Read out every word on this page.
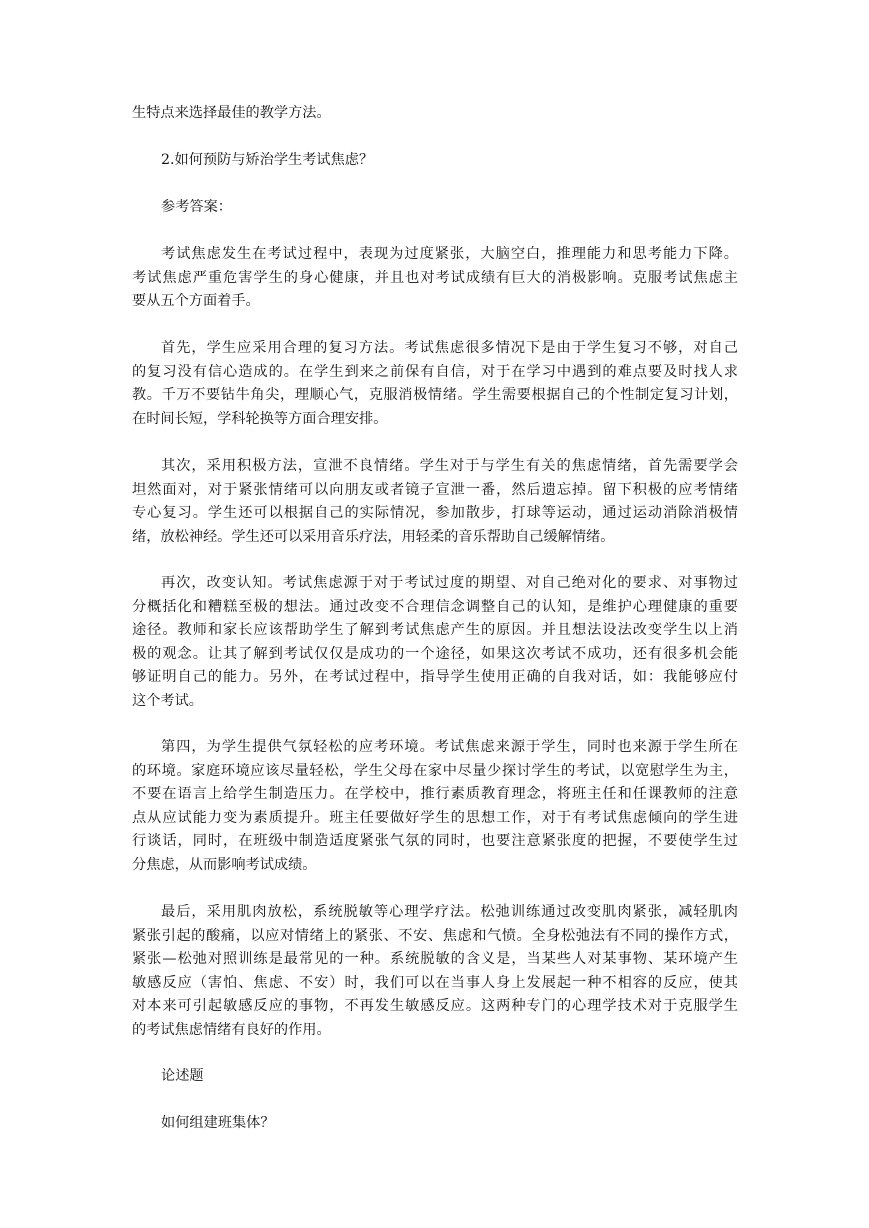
生特点来选择最佳的教学方法。

2.如何预防与矫治学生考试焦虑？

参考答案：

考试焦虑发生在考试过程中，表现为过度紧张，大脑空白，推理能力和思考能力下降。
考试焦虑严重危害学生的身心健康，并且也对考试成绩有巨大的消极影响。克服考试焦虑主
要从五个方面着手。

首先，学生应采用合理的复习方法。考试焦虑很多情况下是由于学生复习不够，对自己
的复习没有信心造成的。在学生到来之前保有自信，对于在学习中遇到的难点要及时找人求
教。千万不要钻牛角尖，理顺心气，克服消极情绪。学生需要根据自己的个性制定复习计划，
在时间长短，学科轮换等方面合理安排。

其次，采用积极方法，宣泄不良情绪。学生对于与学生有关的焦虑情绪，首先需要学会
坦然面对，对于紧张情绪可以向朋友或者镜子宣泄一番，然后遗忘掉。留下积极的应考情绪
专心复习。学生还可以根据自己的实际情况，参加散步，打球等运动，通过运动消除消极情
绪，放松神经。学生还可以采用音乐疗法，用轻柔的音乐帮助自己缓解情绪。

再次，改变认知。考试焦虑源于对于考试过度的期望、对自己绝对化的要求、对事物过
分概括化和糟糕至极的想法。通过改变不合理信念调整自己的认知，是维护心理健康的重要
途径。教师和家长应该帮助学生了解到考试焦虑产生的原因。并且想法设法改变学生以上消
极的观念。让其了解到考试仅仅是成功的一个途径，如果这次考试不成功，还有很多机会能
够证明自己的能力。另外，在考试过程中，指导学生使用正确的自我对话，如：我能够应付
这个考试。

第四，为学生提供气氛轻松的应考环境。考试焦虑来源于学生，同时也来源于学生所在
的环境。家庭环境应该尽量轻松，学生父母在家中尽量少探讨学生的考试，以宽慰学生为主，
不要在语言上给学生制造压力。在学校中，推行素质教育理念，将班主任和任课教师的注意
点从应试能力变为素质提升。班主任要做好学生的思想工作，对于有考试焦虑倾向的学生进
行谈话，同时，在班级中制造适度紧张气氛的同时，也要注意紧张度的把握，不要使学生过
分焦虑，从而影响考试成绩。

最后，采用肌肉放松，系统脱敏等心理学疗法。松弛训练通过改变肌肉紧张，减轻肌肉
紧张引起的酸痛，以应对情绪上的紧张、不安、焦虑和气愤。全身松弛法有不同的操作方式，
紧张—松弛对照训练是最常见的一种。系统脱敏的含义是，当某些人对某事物、某环境产生
敏感反应（害怕、焦虑、不安）时，我们可以在当事人身上发展起一种不相容的反应，使其
对本来可引起敏感反应的事物，不再发生敏感反应。这两种专门的心理学技术对于克服学生
的考试焦虑情绪有良好的作用。

论述题

如何组建班集体？
